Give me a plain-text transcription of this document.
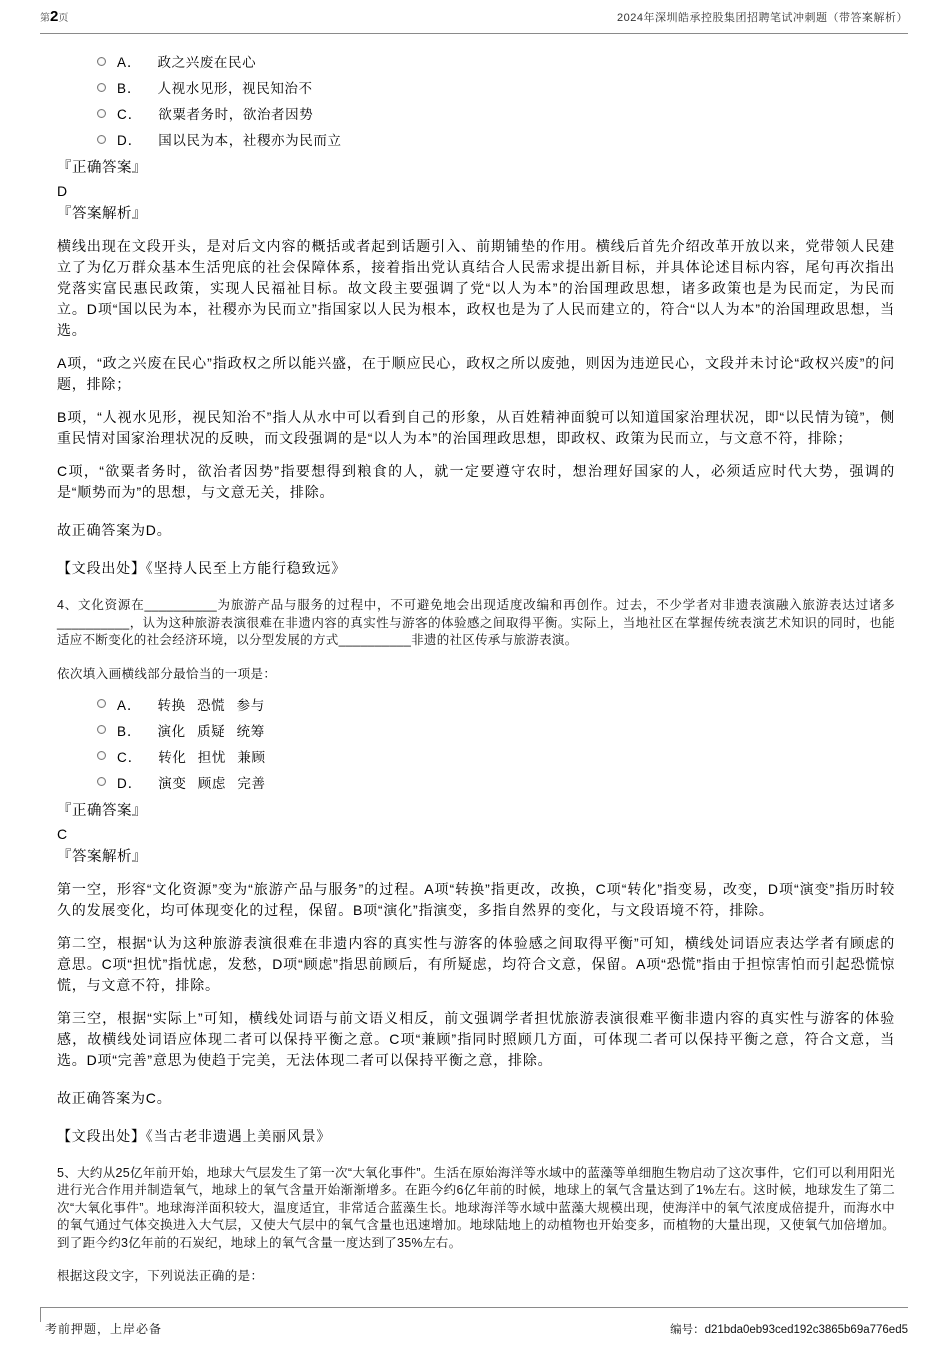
第2页	2024年深圳皓承控股集团招聘笔试冲刺题（带答案解析）
A． 政之兴废在民心
B． 人视水见形，视民知治不
C． 欲粟者务时，欲治者因势
D． 国以民为本，社稷亦为民而立
『正确答案』
D
『答案解析』

横线出现在文段开头，是对后文内容的概括或者起到话题引入、前期铺垫的作用。横线后首先介绍改革开放以来，党带领人民建立了为亿万群众基本生活兜底的社会保障体系，接着指出党认真结合人民需求提出新目标，并具体论述目标内容，尾句再次指出党落实富民惠民政策，实现人民福祉目标。故文段主要强调了党“以人为本”的治国理政思想，诸多政策也是为民而定，为民而立。D项“国以民为本，社稷亦为民而立”指国家以人民为根本，政权也是为了人民而建立的，符合“以人为本”的治国理政思想，当选。

A项，“政之兴废在民心”指政权之所以能兴盛，在于顺应民心，政权之所以废弛，则因为违逆民心，文段并未讨论“政权兴废”的问题，排除；

B项，“人视水见形，视民知治不”指人从水中可以看到自己的形象，从百姓精神面貌可以知道国家治理状况，即“以民情为镜”，侧重民情对国家治理状况的反映，而文段强调的是“以人为本”的治国理政思想，即政权、政策为民而立，与文意不符，排除；

C项，“欲粟者务时，欲治者因势”指要想得到粮食的人，就一定要遵守农时，想治理好国家的人，必须适应时代大势，强调的是“顺势而为”的思想，与文意无关，排除。

故正确答案为D。

【文段出处】《坚持人民至上方能行稳致远》

4、文化资源在__________为旅游产品与服务的过程中，不可避免地会出现适度改编和再创作。过去，不少学者对非遗表演融入旅游表达过诸多__________，认为这种旅游表演很难在非遗内容的真实性与游客的体验感之间取得平衡。实际上，当地社区在掌握传统表演艺术知识的同时，也能适应不断变化的社会经济环境，以分型发展的方式__________非遗的社区传承与旅游表演。

依次填入画横线部分最恰当的一项是：

A． 转换 恐慌 参与
B． 演化 质疑 统筹
C． 转化 担忧 兼顾
D． 演变 顾虑 完善
『正确答案』
C
『答案解析』

第一空，形容“文化资源”变为“旅游产品与服务”的过程。A项“转换”指更改，改换，C项“转化”指变易，改变，D项“演变”指历时较久的发展变化，均可体现变化的过程，保留。B项“演化”指演变，多指自然界的变化，与文段语境不符，排除。

第二空，根据“认为这种旅游表演很难在非遗内容的真实性与游客的体验感之间取得平衡”可知，横线处词语应表达学者有顾虑的意思。C项“担忧”指忧虑，发愁，D项“顾虑”指思前顾后，有所疑虑，均符合文意，保留。A项“恐慌”指由于担惊害怕而引起恐慌惊慌，与文意不符，排除。

第三空，根据“实际上”可知，横线处词语与前文语义相反，前文强调学者担忧旅游表演很难平衡非遗内容的真实性与游客的体验感，故横线处词语应体现二者可以保持平衡之意。C项“兼顾”指同时照顾几方面，可体现二者可以保持平衡之意，符合文意，当选。D项“完善”意思为使趋于完美，无法体现二者可以保持平衡之意，排除。

故正确答案为C。

【文段出处】《当古老非遗遇上美丽风景》

5、大约从25亿年前开始，地球大气层发生了第一次“大氧化事件”。生活在原始海洋等水域中的蓝藻等单细胞生物启动了这次事件，它们可以利用阳光进行光合作用并制造氧气，地球上的氧气含量开始渐渐增多。在距今约6亿年前的时候，地球上的氧气含量达到了1%左右。这时候，地球发生了第二次“大氧化事件”。地球海洋面积较大，温度适宜，非常适合蓝藻生长。地球海洋等水域中蓝藻大规模出现，使海洋中的氧气浓度成倍提升，而海水中的氧气通过气体交换进入大气层，又使大气层中的氧气含量也迅速增加。地球陆地上的动植物也开始变多，而植物的大量出现，又使氧气加倍增加。到了距今约3亿年前的石炭纪，地球上的氧气含量一度达到了35%左右。

根据这段文字，下列说法正确的是：

考前押题，上岸必备	编号：d21bda0eb93ced192c3865b69a776ed5
